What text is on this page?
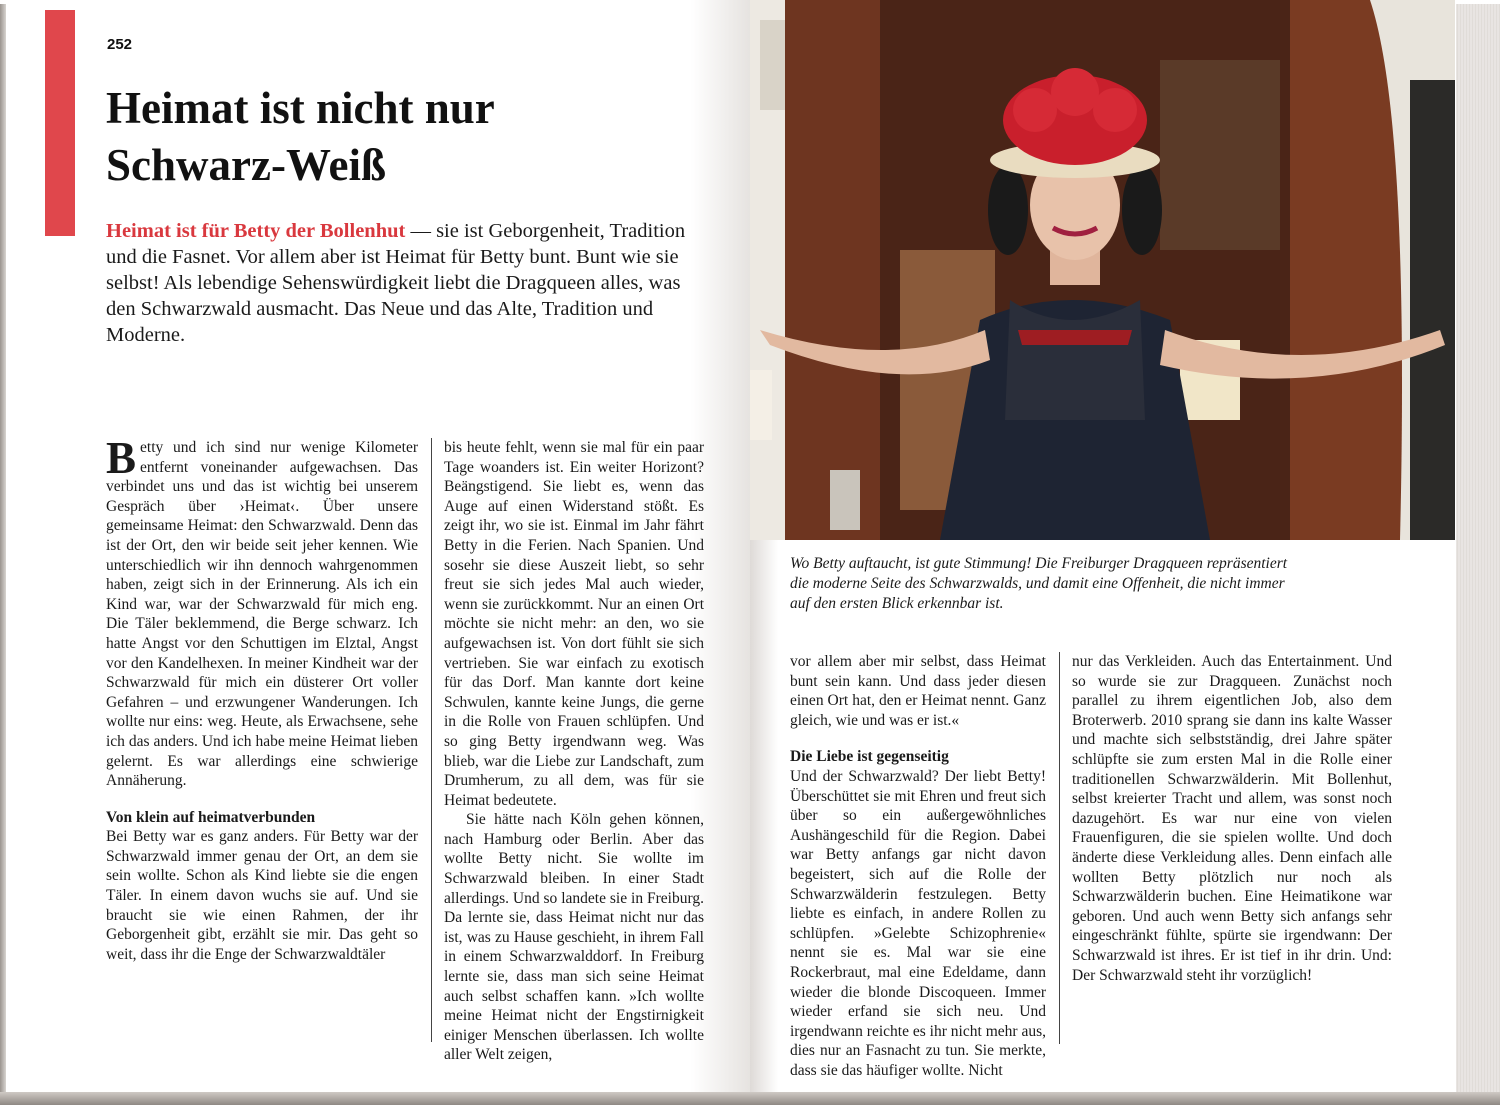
252
Heimat ist nicht nur
Schwarz-Weiß

Heimat ist für Betty der Bollenhut — sie ist Geborgenheit, Tradition und die Fasnet. Vor allem aber ist Heimat für Betty bunt. Bunt wie sie selbst! Als lebendige Sehenswürdigkeit liebt die Dragqueen alles, was den Schwarzwald ausmacht. Das Neue und das Alte, Tradition und Moderne.

Betty und ich sind nur wenige Kilometer entfernt voneinander aufgewachsen. Das verbindet uns und das ist wichtig bei unserem Gespräch über ›Heimat‹. Über unsere gemeinsame Heimat: den Schwarzwald. Denn das ist der Ort, den wir beide seit jeher kennen. Wie unterschiedlich wir ihn dennoch wahrgenommen haben, zeigt sich in der Erinnerung. Als ich ein Kind war, war der Schwarzwald für mich eng. Die Täler beklemmend, die Berge schwarz. Ich hatte Angst vor den Schuttigen im Elztal, Angst vor den Kandelhexen. In meiner Kindheit war der Schwarzwald für mich ein düsterer Ort voller Gefahren – und erzwungener Wanderungen. Ich wollte nur eins: weg. Heute, als Erwachsene, sehe ich das anders. Und ich habe meine Heimat lieben gelernt. Es war allerdings eine schwierige Annäherung.

Von klein auf heimatverbunden

Bei Betty war es ganz anders. Für Betty war der Schwarzwald immer genau der Ort, an dem sie sein wollte. Schon als Kind liebte sie die engen Täler. In einem davon wuchs sie auf. Und sie braucht sie wie einen Rahmen, der ihr Geborgenheit gibt, erzählt sie mir. Das geht so weit, dass ihr die Enge der Schwarzwaldtäler

bis heute fehlt, wenn sie mal für ein paar Tage woanders ist. Ein weiter Horizont? Beängstigend. Sie liebt es, wenn das Auge auf einen Widerstand stößt. Es zeigt ihr, wo sie ist. Einmal im Jahr fährt Betty in die Ferien. Nach Spanien. Und sosehr sie diese Auszeit liebt, so sehr freut sie sich jedes Mal auch wieder, wenn sie zurückkommt. Nur an einen Ort möchte sie nicht mehr: an den, wo sie aufgewachsen ist. Von dort fühlt sie sich vertrieben. Sie war einfach zu exotisch für das Dorf. Man kannte dort keine Schwulen, kannte keine Jungs, die gerne in die Rolle von Frauen schlüpfen. Und so ging Betty irgendwann weg. Was blieb, war die Liebe zur Landschaft, zum Drumherum, zu all dem, was für sie Heimat bedeutete.

Sie hätte nach Köln gehen können, nach Hamburg oder Berlin. Aber das wollte Betty nicht. Sie wollte im Schwarzwald bleiben. In einer Stadt allerdings. Und so landete sie in Freiburg. Da lernte sie, dass Heimat nicht nur das ist, was zu Hause geschieht, in ihrem Fall in einem Schwarzwalddorf. In Freiburg lernte sie, dass man sich seine Heimat auch selbst schaffen kann. »Ich wollte meine Heimat nicht der Engstirnigkeit einiger Menschen überlassen. Ich wollte aller Welt zeigen,

Wo Betty auftaucht, ist gute Stimmung! Die Freiburger Dragqueen repräsentiert die moderne Seite des Schwarzwalds, und damit eine Offenheit, die nicht immer auf den ersten Blick erkennbar ist.

vor allem aber mir selbst, dass Heimat bunt sein kann. Und dass jeder diesen einen Ort hat, den er Heimat nennt. Ganz gleich, wie und was er ist.«

Die Liebe ist gegenseitig

Und der Schwarzwald? Der liebt Betty! Überschüttet sie mit Ehren und freut sich über so ein außergewöhnliches Aushängeschild für die Region. Dabei war Betty anfangs gar nicht davon begeistert, sich auf die Rolle der Schwarzwälderin festzulegen. Betty liebte es einfach, in andere Rollen zu schlüpfen. »Gelebte Schizophrenie« nennt sie es. Mal war sie eine Rockerbraut, mal eine Edeldame, dann wieder die blonde Discoqueen. Immer wieder erfand sie sich neu. Und irgendwann reichte es ihr nicht mehr aus, dies nur an Fasnacht zu tun. Sie merkte, dass sie das häufiger wollte. Nicht

nur das Verkleiden. Auch das Entertainment. Und so wurde sie zur Dragqueen. Zunächst noch parallel zu ihrem eigentlichen Job, also dem Broterwerb. 2010 sprang sie dann ins kalte Wasser und machte sich selbstständig, drei Jahre später schlüpfte sie zum ersten Mal in die Rolle einer traditionellen Schwarzwälderin. Mit Bollenhut, selbst kreierter Tracht und allem, was sonst noch dazugehört. Es war nur eine von vielen Frauenfiguren, die sie spielen wollte. Und doch änderte diese Verkleidung alles. Denn einfach alle wollten Betty plötzlich nur noch als Schwarzwälderin buchen. Eine Heimatikone war geboren. Und auch wenn Betty sich anfangs sehr eingeschränkt fühlte, spürte sie irgendwann: Der Schwarzwald ist ihres. Er ist tief in ihr drin. Und: Der Schwarzwald steht ihr vorzüglich!
